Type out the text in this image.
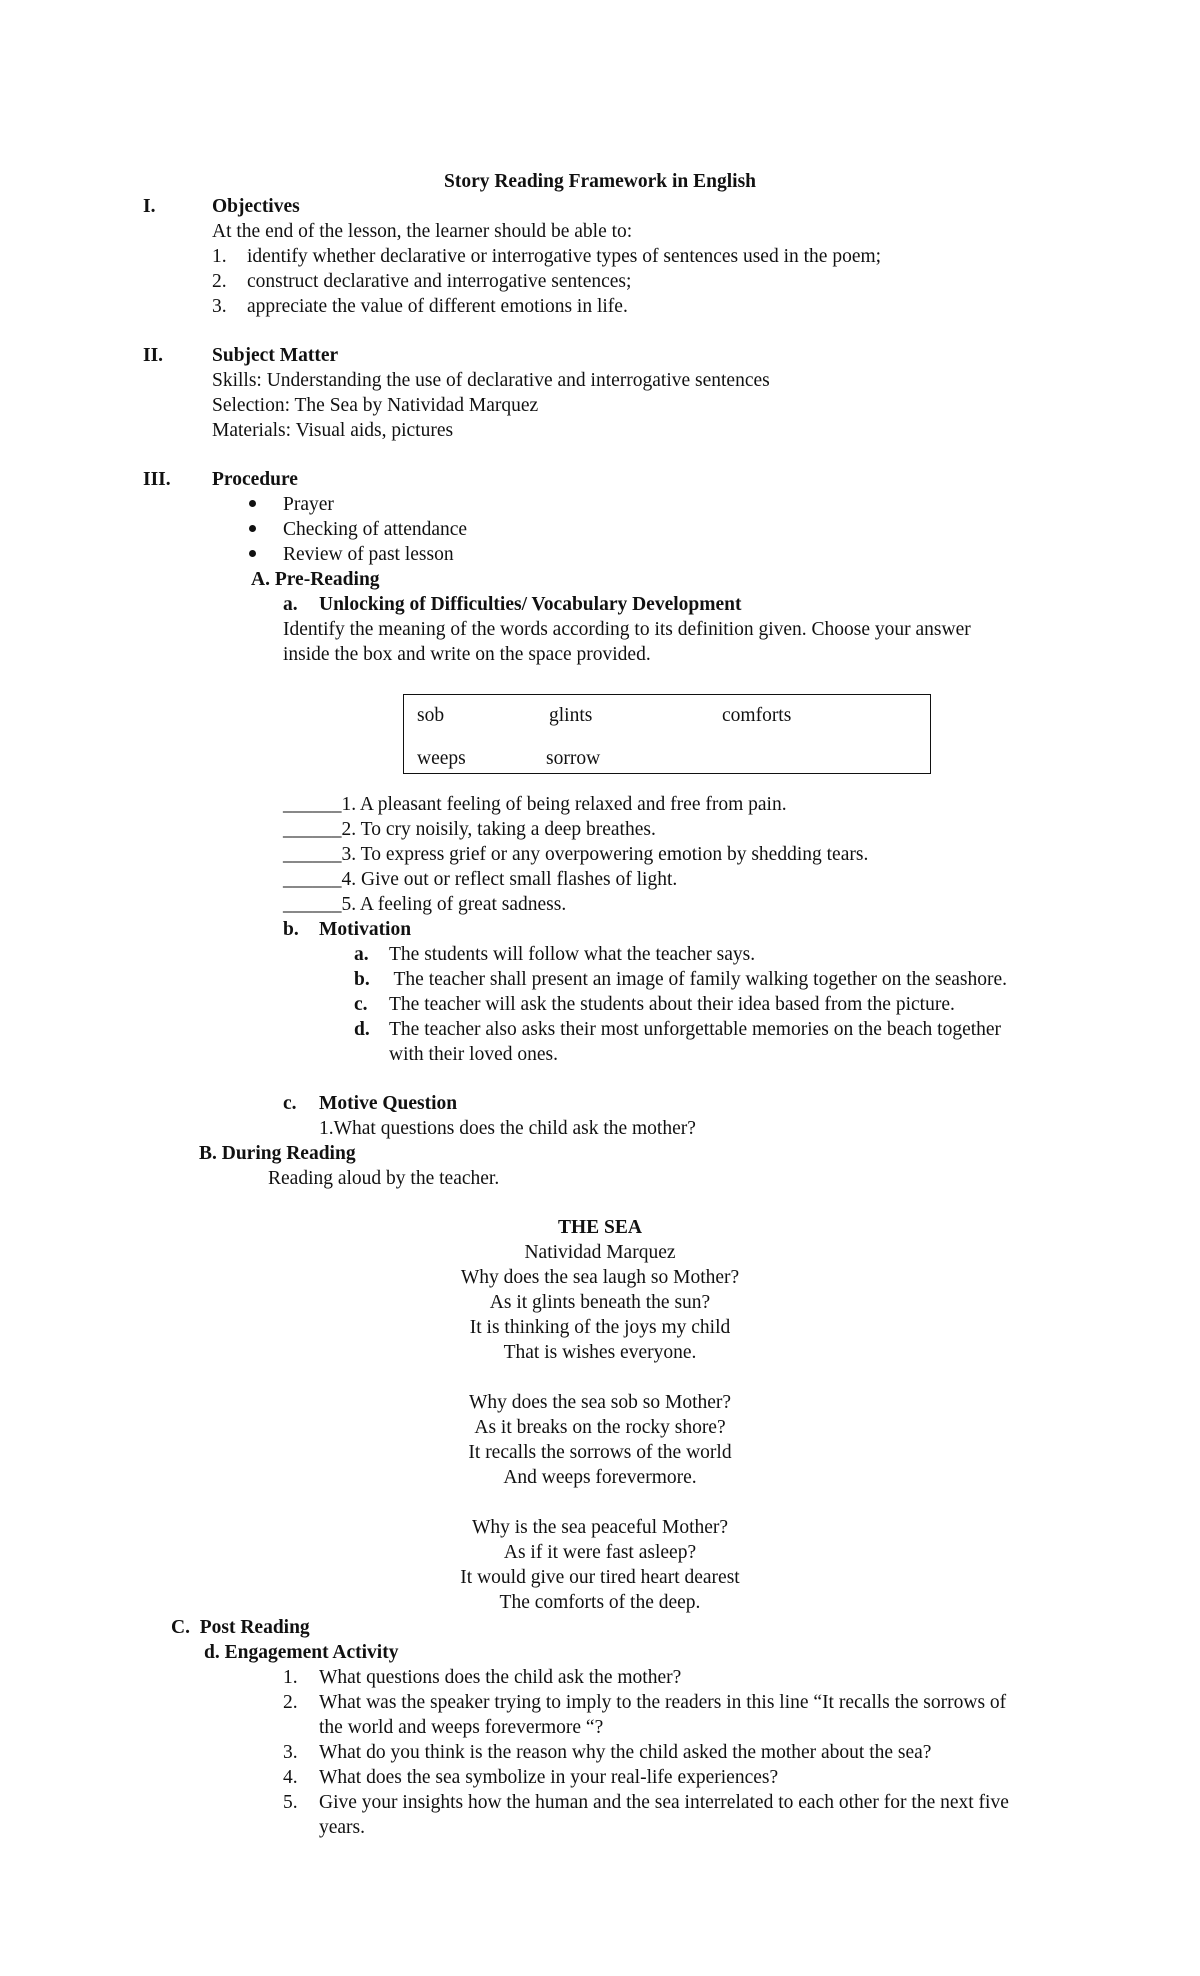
Story Reading Framework in English
I.	Objectives
At the end of the lesson, the learner should be able to:
1. identify whether declarative or interrogative types of sentences used in the poem;
2. construct declarative and interrogative sentences;
3. appreciate the value of different emotions in life.
II.	Subject Matter
Skills: Understanding the use of declarative and interrogative sentences
Selection: The Sea by Natividad Marquez
Materials: Visual aids, pictures
III. Procedure
Prayer
Checking of attendance
Review of past lesson
A. Pre-Reading
a. Unlocking of Difficulties/ Vocabulary Development
Identify the meaning of the words according to its definition given. Choose your answer
inside the box and write on the space provided.
sob	glints	comforts
weeps	sorrow
______1. A pleasant feeling of being relaxed and free from pain.
______2. To cry noisily, taking a deep breathes.
______3. To express grief or any overpowering emotion by shedding tears.
______4. Give out or reflect small flashes of light.
______5. A feeling of great sadness.
b. Motivation
a. The students will follow what the teacher says.
b. The teacher shall present an image of family walking together on the seashore.
c. The teacher will ask the students about their idea based from the picture.
d. The teacher also asks their most unforgettable memories on the beach together
with their loved ones.
c. Motive Question
1.What questions does the child ask the mother?
B. During Reading
Reading aloud by the teacher.
THE SEA
Natividad Marquez
Why does the sea laugh so Mother?
As it glints beneath the sun?
It is thinking of the joys my child
That is wishes everyone.
Why does the sea sob so Mother?
As it breaks on the rocky shore?
It recalls the sorrows of the world
And weeps forevermore.
Why is the sea peaceful Mother?
As if it were fast asleep?
It would give our tired heart dearest
The comforts of the deep.
C.  Post Reading
d. Engagement Activity
1. What questions does the child ask the mother?
2. What was the speaker trying to imply to the readers in this line “It recalls the sorrows of
the world and weeps forevermore “?
3. What do you think is the reason why the child asked the mother about the sea?
4. What does the sea symbolize in your real-life experiences?
5. Give your insights how the human and the sea interrelated to each other for the next five
years.
